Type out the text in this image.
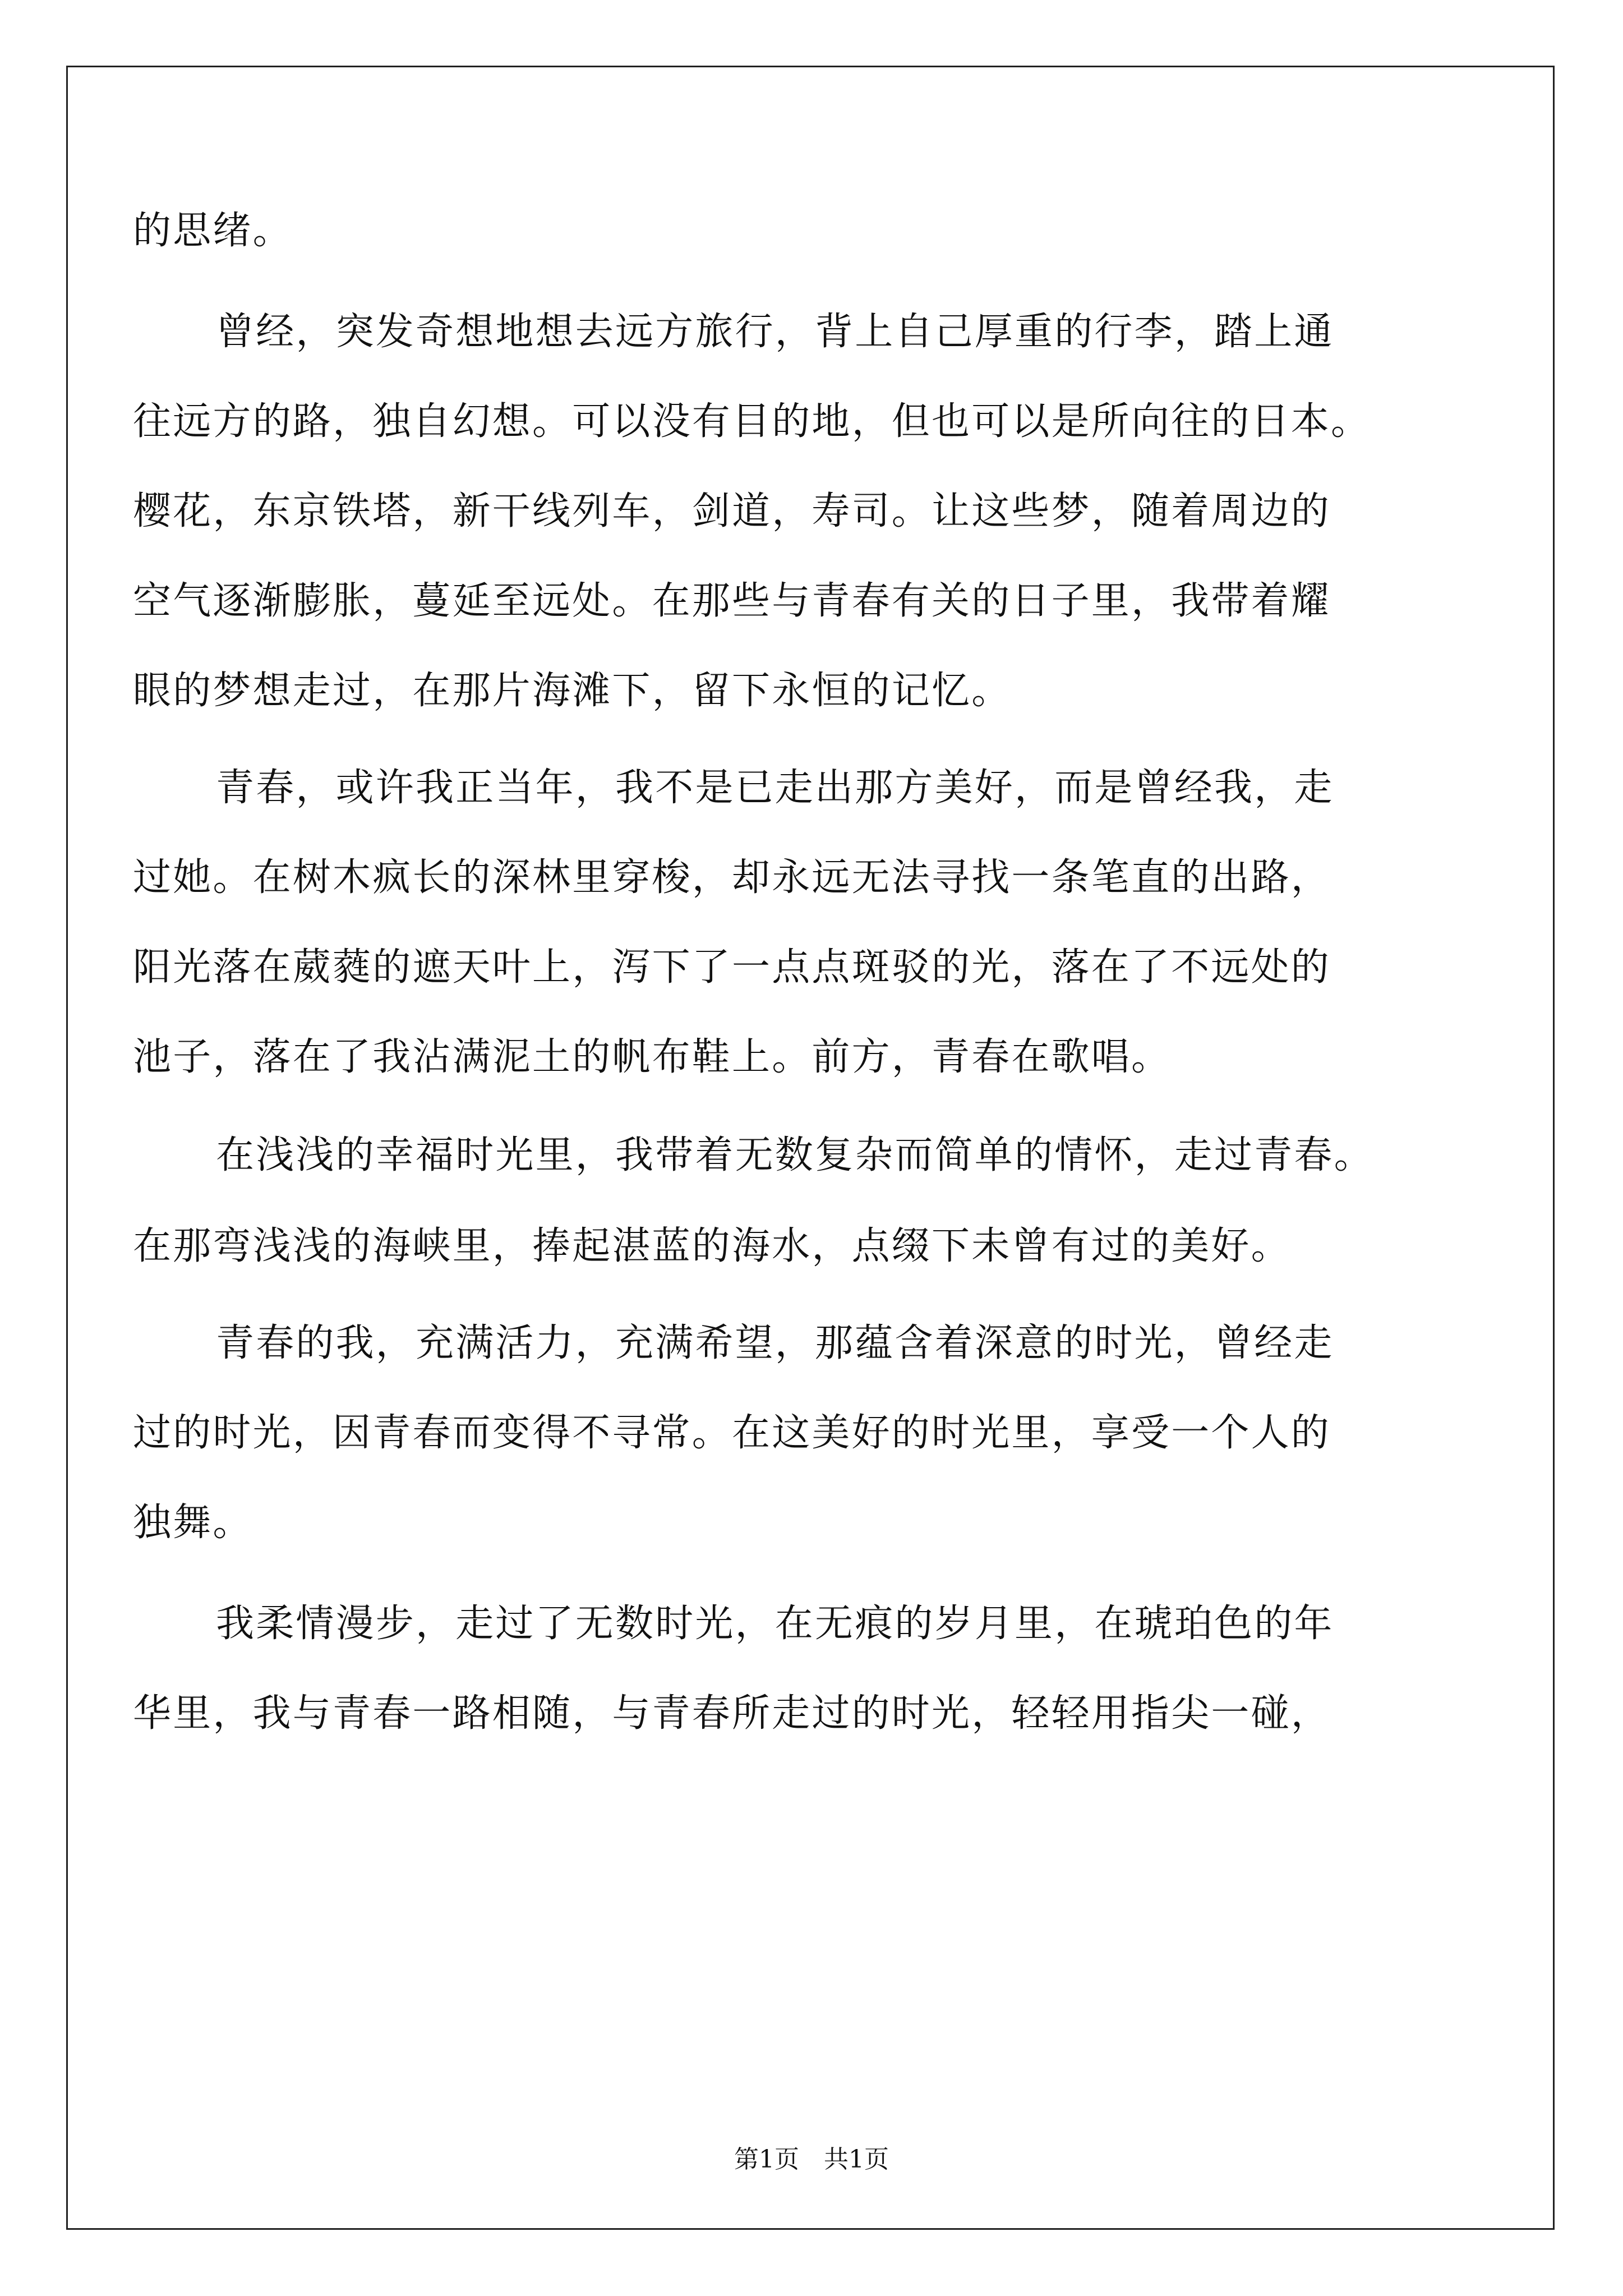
的思绪。
曾经，突发奇想地想去远方旅行，背上自己厚重的行李，踏上通
往远方的路，独自幻想。可以没有目的地，但也可以是所向往的日本。
樱花，东京铁塔，新干线列车，剑道，寿司。让这些梦，随着周边的
空气逐渐膨胀，蔓延至远处。在那些与青春有关的日子里，我带着耀
眼的梦想走过，在那片海滩下，留下永恒的记忆。
青春，或许我正当年，我不是已走出那方美好，而是曾经我，走
过她。在树木疯长的深林里穿梭，却永远无法寻找一条笔直的出路，
阳光落在葳蕤的遮天叶上，泻下了一点点斑驳的光，落在了不远处的
池子，落在了我沾满泥土的帆布鞋上。前方，青春在歌唱。
在浅浅的幸福时光里，我带着无数复杂而简单的情怀，走过青春。
在那弯浅浅的海峡里，捧起湛蓝的海水，点缀下未曾有过的美好。
青春的我，充满活力，充满希望，那蕴含着深意的时光，曾经走
过的时光，因青春而变得不寻常。在这美好的时光里，享受一个人的
独舞。
我柔情漫步，走过了无数时光，在无痕的岁月里，在琥珀色的年
华里，我与青春一路相随，与青春所走过的时光，轻轻用指尖一碰，
第1页　共1页
